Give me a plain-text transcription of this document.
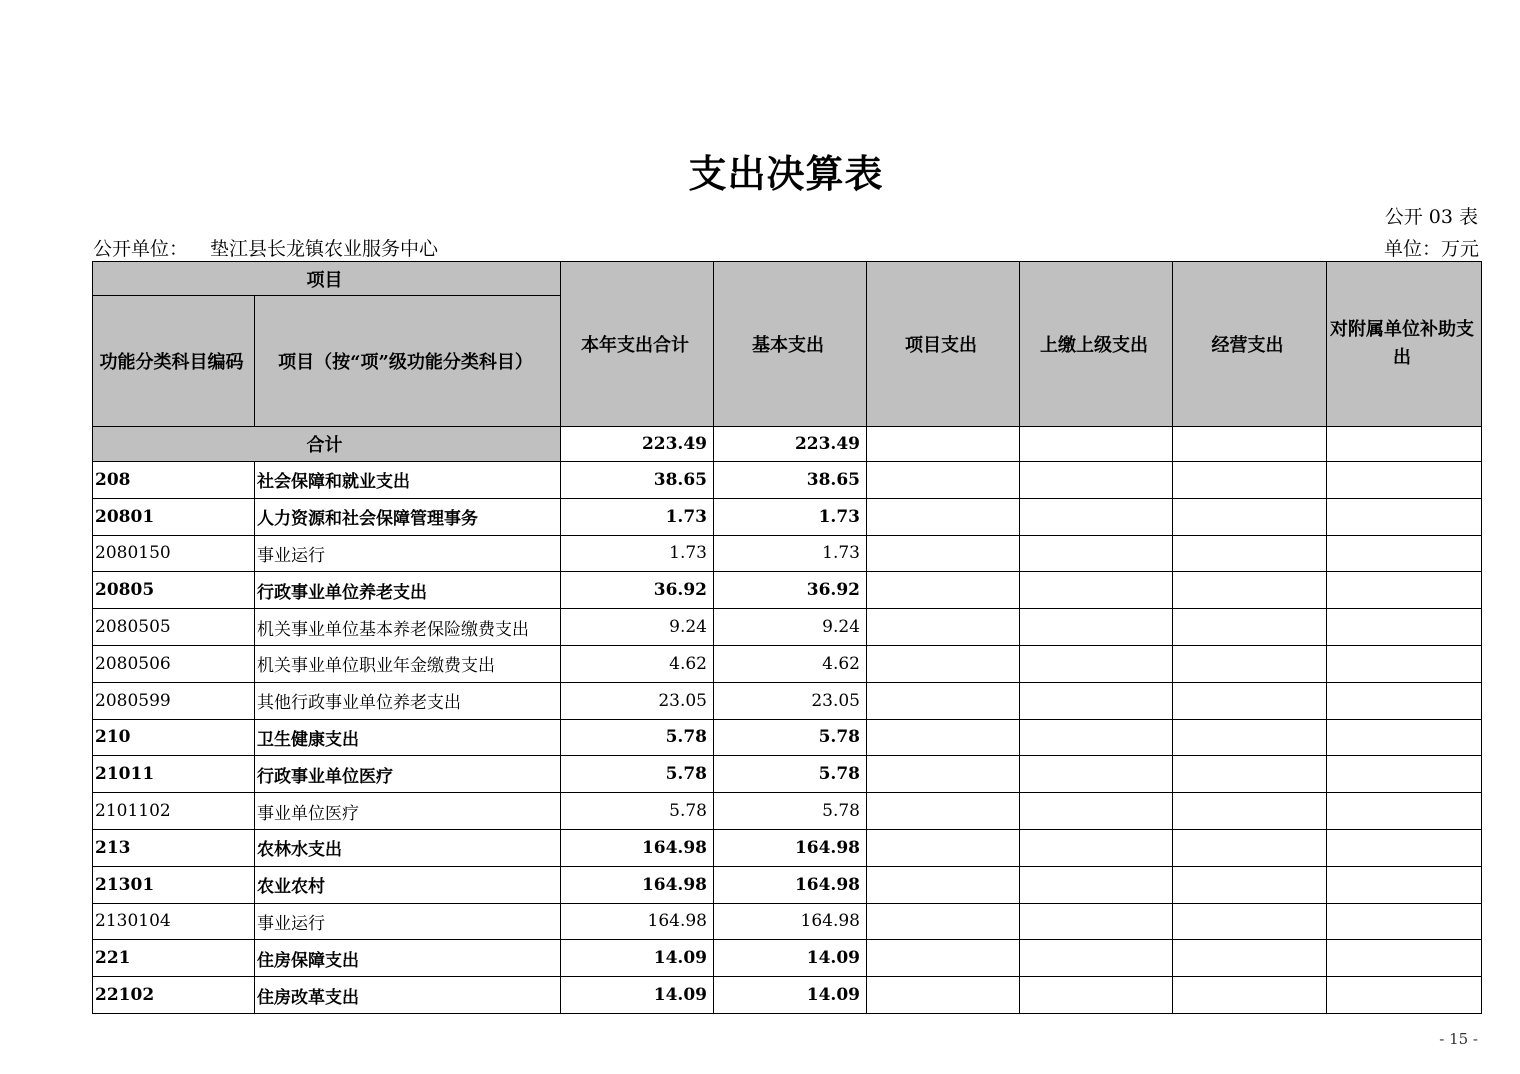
支出决算表
公开 03 表
公开单位： 垫江县长龙镇农业服务中心	单位：万元
项目		本年支出合计	基本支出	项目支出	上缴上级支出	经营支出	对附属单位补助支出
功能分类科目编码	项目（按“项”级功能分类科目）						
合计		223.49	223.49				
208	社会保障和就业支出	38.65	38.65				
20801	人力资源和社会保障管理事务	1.73	1.73				
2080150	事业运行	1.73	1.73				
20805	行政事业单位养老支出	36.92	36.92				
2080505	机关事业单位基本养老保险缴费支出	9.24	9.24				
2080506	机关事业单位职业年金缴费支出	4.62	4.62				
2080599	其他行政事业单位养老支出	23.05	23.05				
210	卫生健康支出	5.78	5.78				
21011	行政事业单位医疗	5.78	5.78				
2101102	事业单位医疗	5.78	5.78				
213	农林水支出	164.98	164.98				
21301	农业农村	164.98	164.98				
2130104	事业运行	164.98	164.98				
221	住房保障支出	14.09	14.09				
22102	住房改革支出	14.09	14.09				
- 15 -
